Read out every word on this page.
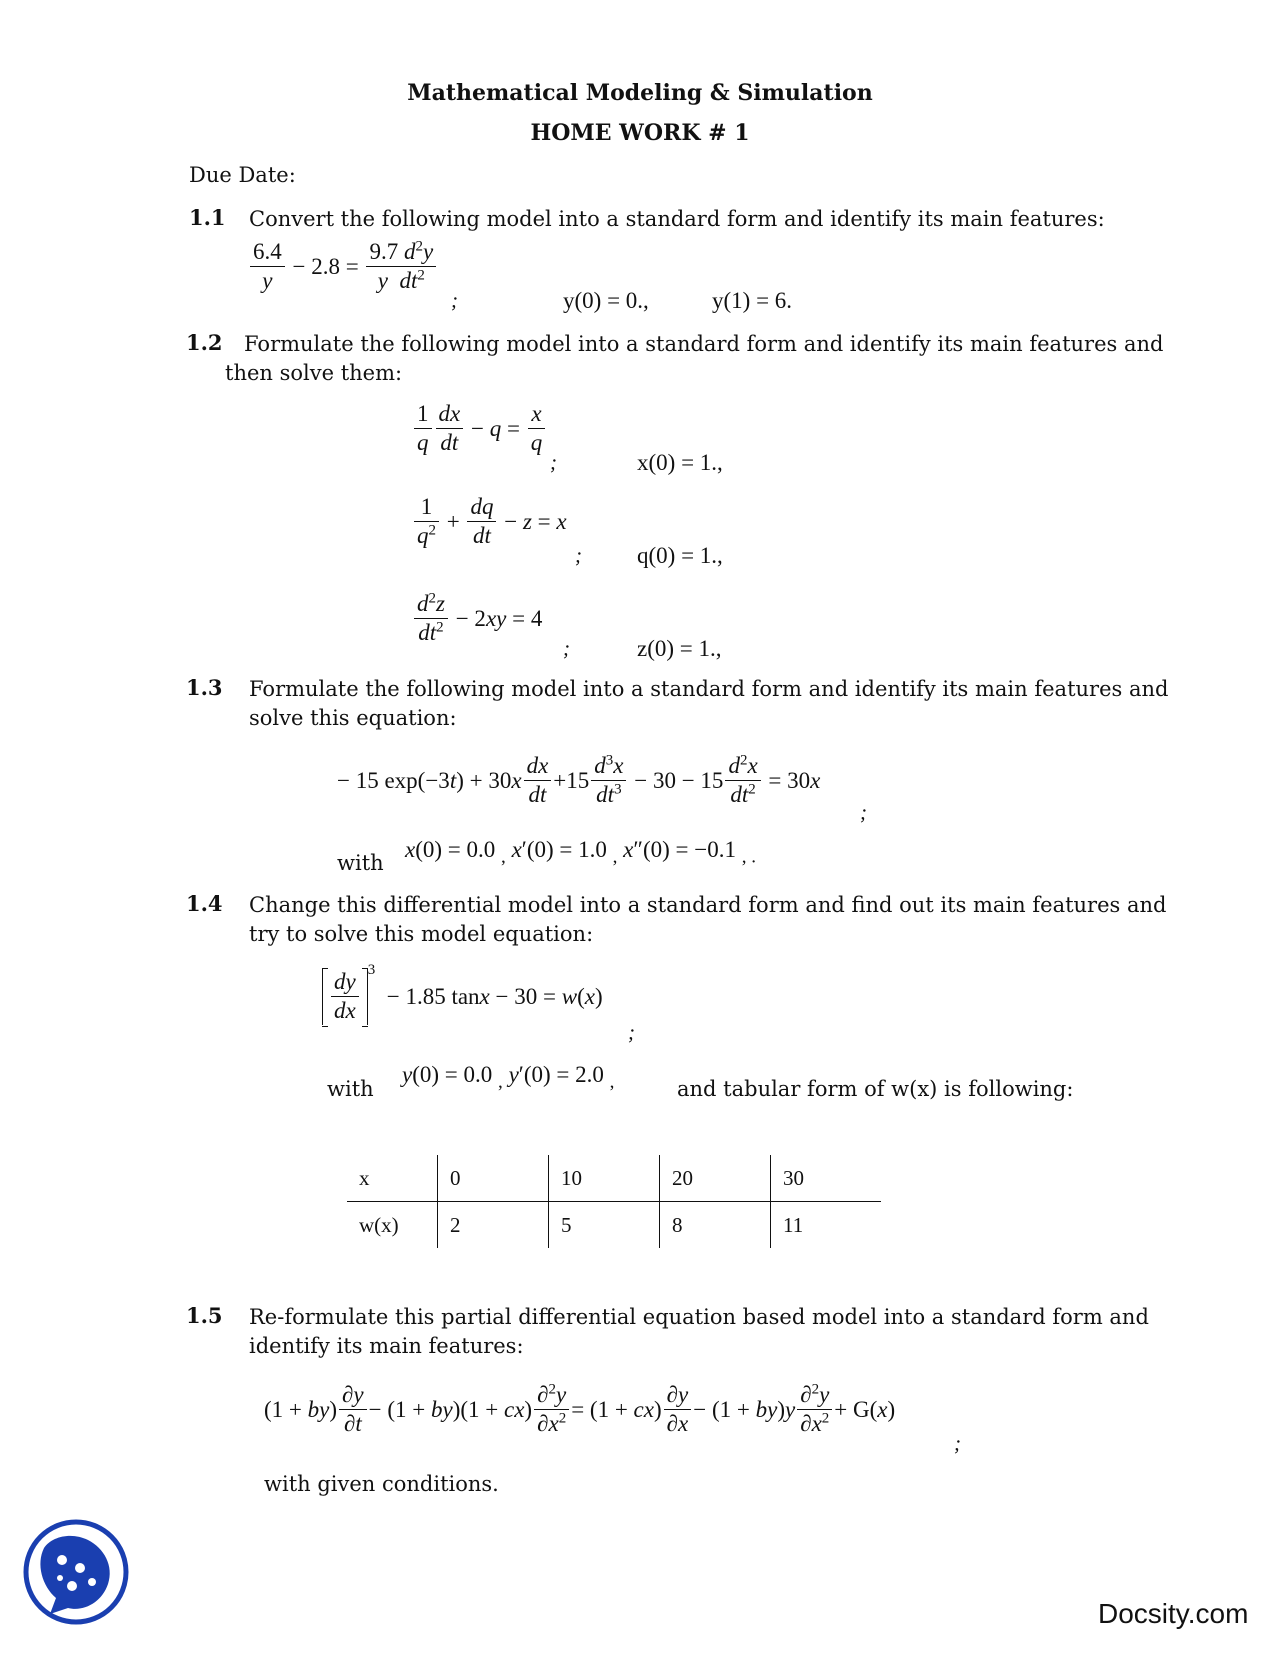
Mathematical Modeling & Simulation
HOME WORK # 1
Due Date:
1.1 Convert the following model into a standard form and identify its main features:
$\frac{6.4}{y} - 2.8 = \frac{9.7 d^2y}{y dt^2}$
;	y(0) = 0.,	y(1) = 6.
1.2 Formulate the following model into a standard form and identify its main features and
then solve them:
$\frac{1}{q} \frac{dx}{dt} - q = \frac{x}{q}$
;	x(0) = 1.,
$\frac{1}{q^2} + \frac{dq}{dt} - z = x$
; q(0) = 1.,
$\frac{d^2z}{dt^2} - 2xy = 4$
;	z(0) = 1.,
1.3 Formulate the following model into a standard form and identify its main features and
solve this equation:
− 15 $\exp(-3t) + 30x \frac{dx}{dt} +15 \frac{d^3x}{dt^3} - 30 - 15 \frac{d^2x}{dt^2} = 30x$
;
with
x(0) = 0.0 $_,$ x′(0) = 1.0 $_,$ x″(0) = −0.1 $_{, .}$
1.4 Change this differential model into a standard form and find out its main features and
try to solve this model equation:
$\frac{dy}{dx} 3$
− 1.85 tanx − 30 = w(x)
;
with
y(0) = 0.0 $_,$ y′(0) = 2.0 $_,$	and tabular form of w(x) is following:
x	0	10	20	30
w(x)	2	5	8	11
1.5 Re-formulate this partial differential equation based model into a standard form and
identify its main features:
$(1 + by) \frac{\partial y}{\partial t} - (1 + by)(1 + cx) \frac{\partial^2y}{\partial x^2} = (1 + cx) \frac{\partial y}{\partial x} - (1 + by)y \frac{\partial^2y}{\partial x^2} + G(x)$
;
with given conditions.
Docsity.com
